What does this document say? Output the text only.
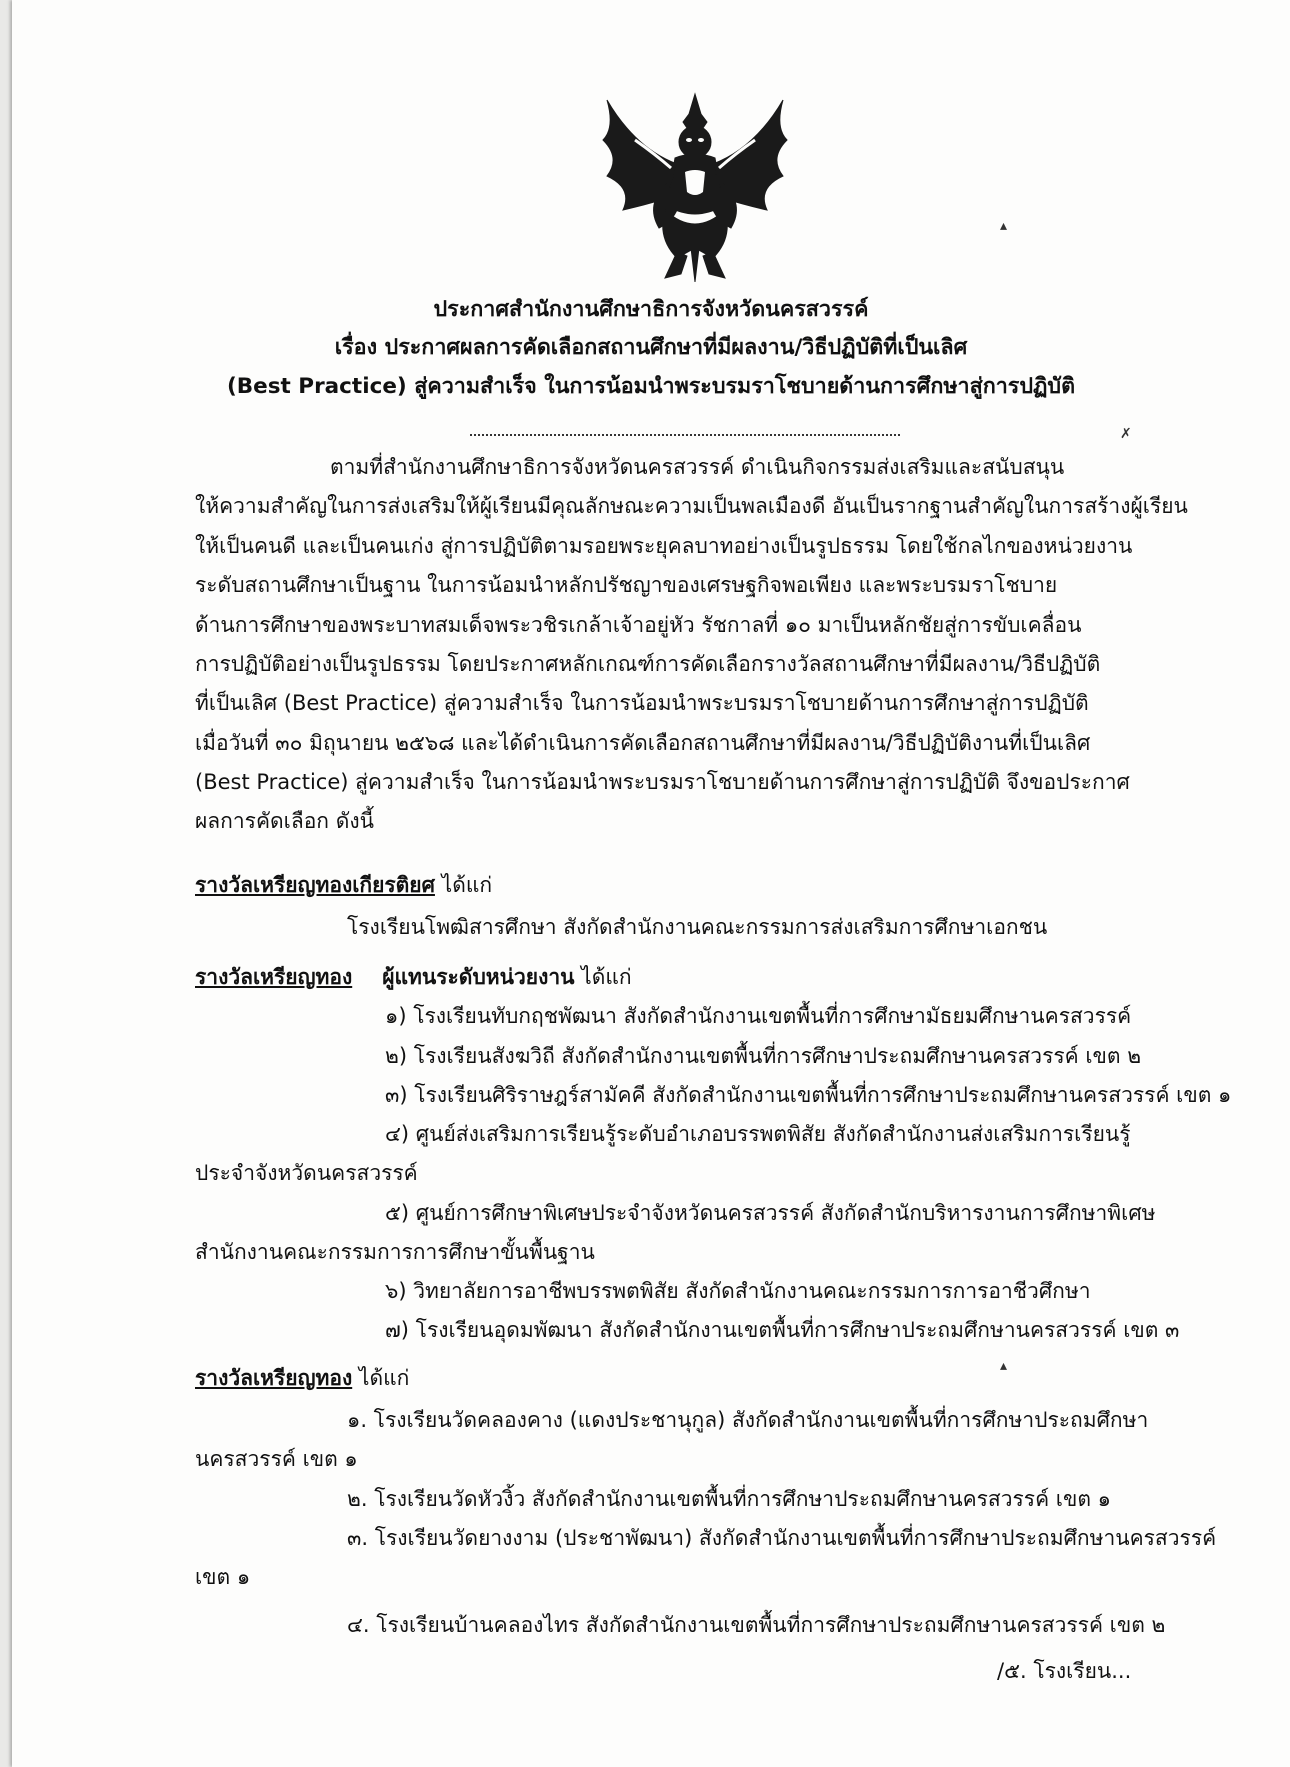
ประกาศสำนักงานศึกษาธิการจังหวัดนครสวรรค์
เรื่อง ประกาศผลการคัดเลือกสถานศึกษาที่มีผลงาน/วิธีปฏิบัติที่เป็นเลิศ
(Best Practice) สู่ความสำเร็จ ในการน้อมนำพระบรมราโชบายด้านการศึกษาสู่การปฏิบัติ
ตามที่สำนักงานศึกษาธิการจังหวัดนครสวรรค์ ดำเนินกิจกรรมส่งเสริมและสนับสนุน
ให้ความสำคัญในการส่งเสริมให้ผู้เรียนมีคุณลักษณะความเป็นพลเมืองดี อันเป็นรากฐานสำคัญในการสร้างผู้เรียน
ให้เป็นคนดี และเป็นคนเก่ง สู่การปฏิบัติตามรอยพระยุคลบาทอย่างเป็นรูปธรรม โดยใช้กลไกของหน่วยงาน
ระดับสถานศึกษาเป็นฐาน ในการน้อมนำหลักปรัชญาของเศรษฐกิจพอเพียง และพระบรมราโชบาย
ด้านการศึกษาของพระบาทสมเด็จพระวชิรเกล้าเจ้าอยู่หัว รัชกาลที่ ๑๐ มาเป็นหลักชัยสู่การขับเคลื่อน
การปฏิบัติอย่างเป็นรูปธรรม โดยประกาศหลักเกณฑ์การคัดเลือกรางวัลสถานศึกษาที่มีผลงาน/วิธีปฏิบัติ
ที่เป็นเลิศ (Best Practice) สู่ความสำเร็จ ในการน้อมนำพระบรมราโชบายด้านการศึกษาสู่การปฏิบัติ
เมื่อวันที่ ๓๐ มิถุนายน ๒๕๖๘ และได้ดำเนินการคัดเลือกสถานศึกษาที่มีผลงาน/วิธีปฏิบัติงานที่เป็นเลิศ
(Best Practice) สู่ความสำเร็จ ในการน้อมนำพระบรมราโชบายด้านการศึกษาสู่การปฏิบัติ จึงขอประกาศ
ผลการคัดเลือก ดังนี้
รางวัลเหรียญทองเกียรติยศ ได้แก่
โรงเรียนโพฒิสารศึกษา สังกัดสำนักงานคณะกรรมการส่งเสริมการศึกษาเอกชน
รางวัลเหรียญทอง ผู้แทนระดับหน่วยงาน ได้แก่
๑) โรงเรียนทับกฤชพัฒนา สังกัดสำนักงานเขตพื้นที่การศึกษามัธยมศึกษานครสวรรค์
๒) โรงเรียนสังฆวิถี สังกัดสำนักงานเขตพื้นที่การศึกษาประถมศึกษานครสวรรค์ เขต ๒
๓) โรงเรียนศิริราษฎร์สามัคคี สังกัดสำนักงานเขตพื้นที่การศึกษาประถมศึกษานครสวรรค์ เขต ๑
๔) ศูนย์ส่งเสริมการเรียนรู้ระดับอำเภอบรรพตพิสัย สังกัดสำนักงานส่งเสริมการเรียนรู้
ประจำจังหวัดนครสวรรค์
๕) ศูนย์การศึกษาพิเศษประจำจังหวัดนครสวรรค์ สังกัดสำนักบริหารงานการศึกษาพิเศษ
สำนักงานคณะกรรมการการศึกษาขั้นพื้นฐาน
๖) วิทยาลัยการอาชีพบรรพตพิสัย สังกัดสำนักงานคณะกรรมการการอาชีวศึกษา
๗) โรงเรียนอุดมพัฒนา สังกัดสำนักงานเขตพื้นที่การศึกษาประถมศึกษานครสวรรค์ เขต ๓
รางวัลเหรียญทอง ได้แก่
๑. โรงเรียนวัดคลองคาง (แดงประชานุกูล) สังกัดสำนักงานเขตพื้นที่การศึกษาประถมศึกษา
นครสวรรค์ เขต ๑
๒. โรงเรียนวัดหัวงิ้ว สังกัดสำนักงานเขตพื้นที่การศึกษาประถมศึกษานครสวรรค์ เขต ๑
๓. โรงเรียนวัดยางงาม (ประชาพัฒนา) สังกัดสำนักงานเขตพื้นที่การศึกษาประถมศึกษานครสวรรค์
เขต ๑
๔. โรงเรียนบ้านคลองไทร สังกัดสำนักงานเขตพื้นที่การศึกษาประถมศึกษานครสวรรค์ เขต ๒
/๕. โรงเรียน...
▴
✗
▴
